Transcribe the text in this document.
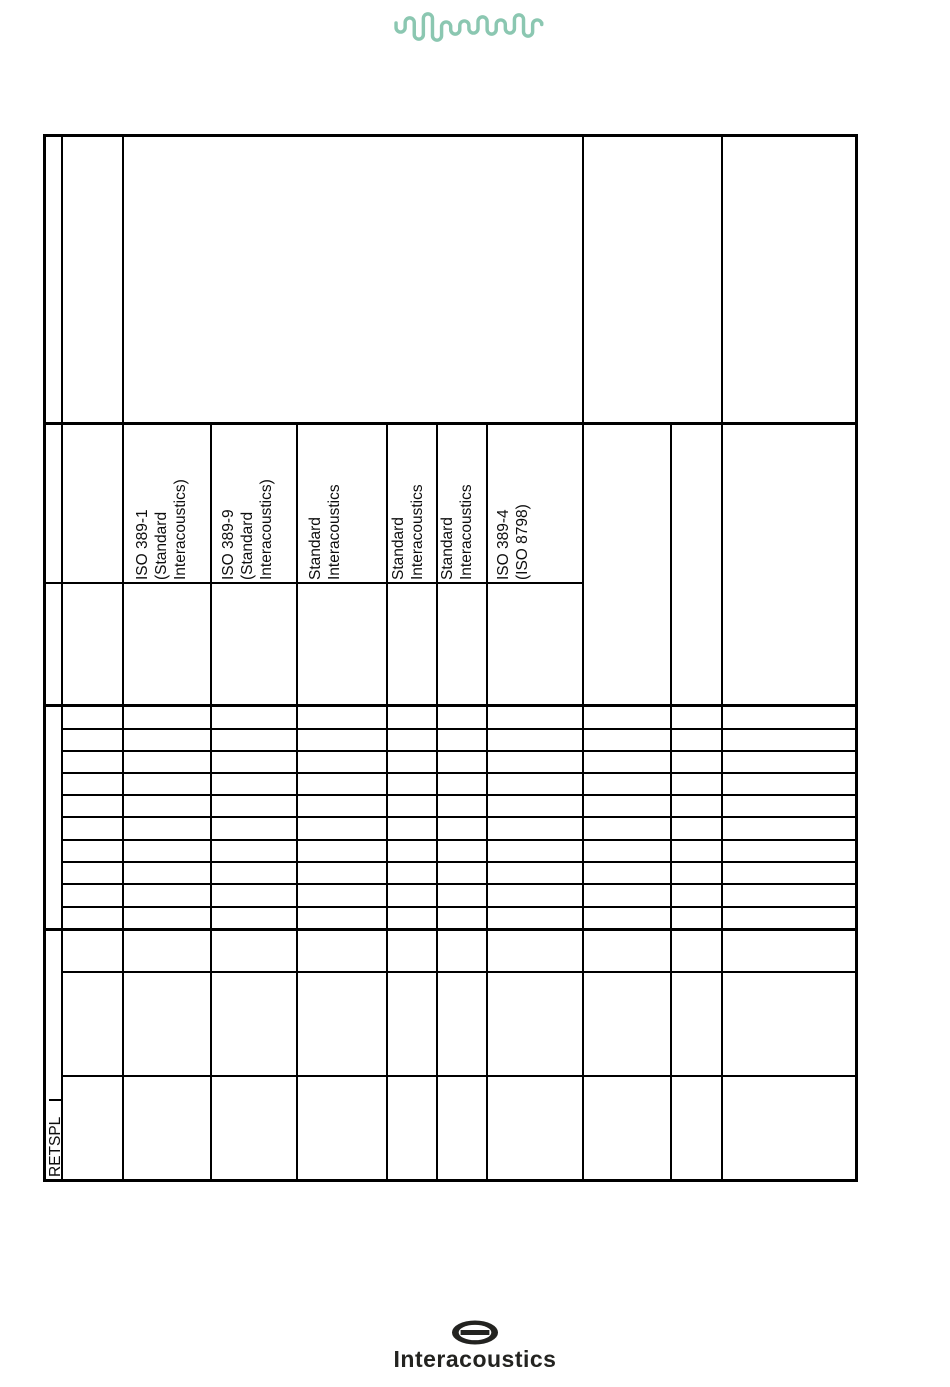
ISO 389-1 (Standard Interacoustics) ISO 389-9 (Standard Interacoustics) Standard Interacoustics	Standard Interacoustics Standard Interacoustics ISO 389-4 (ISO 8798)
RETSPL
Interacoustics
